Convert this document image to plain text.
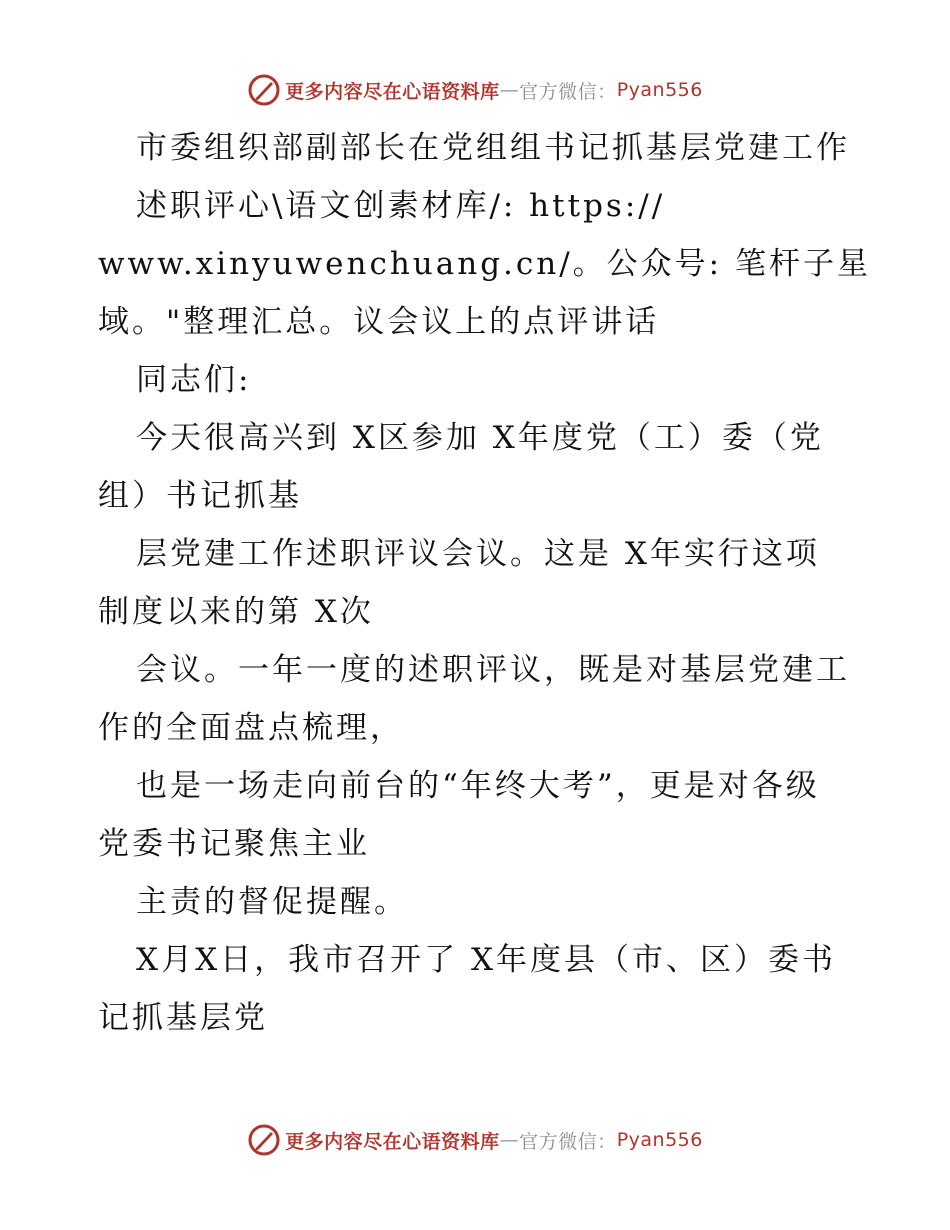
更多内容尽在心语资料库 — 官方微信： Pyan556
市委组织部副部长在党组组书记抓基层党建工作
述职评心\语文创素材库/: https://
www.xinyuwenchuang.cn/。公众号: 笔杆子星
域。"整理汇总。议会议上的点评讲话
同志们:
今天很高兴到 X区参加 X年度党（工）委（党
组）书记抓基
层党建工作述职评议会议。这是 X年实行这项
制度以来的第 X次
会议。一年一度的述职评议，既是对基层党建工
作的全面盘点梳理，
也是一场走向前台的“年终大考”，更是对各级
党委书记聚焦主业
主责的督促提醒。
X月X日，我市召开了 X年度县（市、区）委书
记抓基层党
更多内容尽在心语资料库 — 官方微信： Pyan556
